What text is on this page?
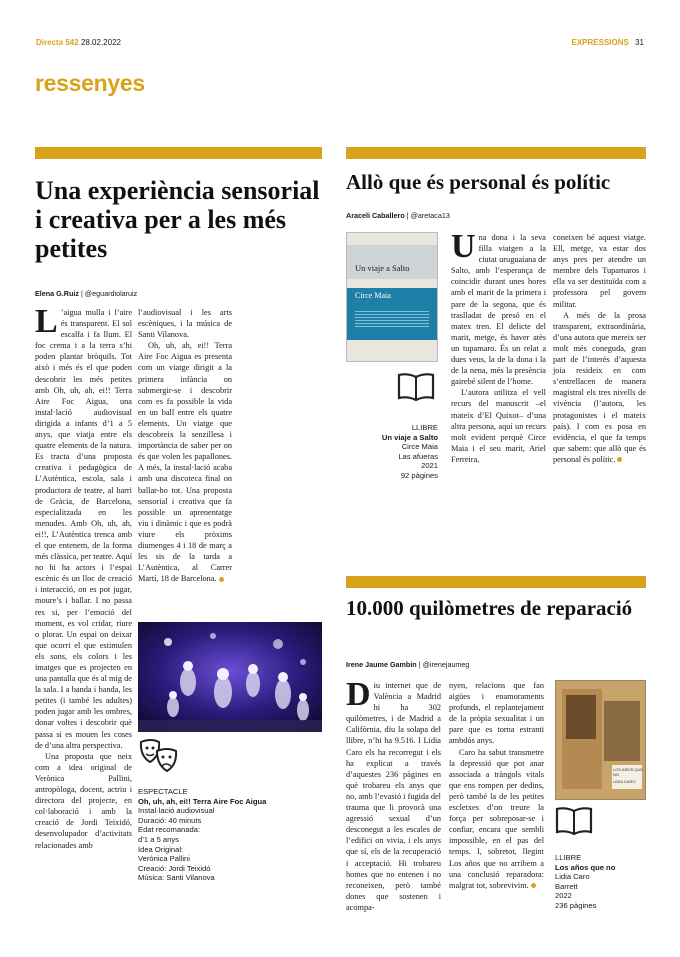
Directa 542 28.02.2022	EXPRESSIONS 31
ressenyes
Una experiència sensorial i creativa per a les més petites
Elena G.Ruiz | @eguardiolaruiz
L ’aigua mulla i l’aire és transparent. El sol escalfa i fa llum. El foc crema i a la terra s’hi poden plantar bròquils. Tot això i més és el que poden descobrir les més petites amb Oh, uh, ah, ei!! Terra Aire Foc Aigua, una instal·lació audiovisual dirigida a infants d’1 a 5 anys, que viatja entre els quatre elements de la natura. Es tracta d’una proposta creativa i pedagògica de L’Autèntica, escola, sala i productora de teatre, al barri de Gràcia, de Barcelona, especialitzada en les menudes. Amb Oh, uh, ah, ei!!, L’Autèntica trenca amb el que entenem, de la forma més clàssica, per teatre. Aquí no hi ha actors i l’espai escènic és un lloc de creació i interacció, on es pot jugar, moure’s i ballar. I no passa res si, per l’emoció del moment, es vol cridar, riure o plorar. Un espai on deixar que ocorri el que estimulen els sons, els colors i les imatges que es projecten en una pantalla que és al mig de la sala. I a banda i banda, les petites (i també les adultes) poden jugar amb les ombres, donar voltes i descobrir què passa si es mouen les coses de d’una altra perspectiva.

Una proposta que neix com a idea original de Verònica Pallini, antropòloga, docent, actriu i directora del projecte, en col·laboració i amb la creació de Jordi Teixidó, desenvolupador d’activitats relacionades amb

l’audiovisual i les arts escèniques, i la música de Santi Vilanova.

Oh, uh, ah, ei!! Terra Aire Foc Aigua es presenta com un viatge dirigit a la primera infància on submergir-se i descobrir com es fa possible la vida en un ball entre els quatre elements. Un viatge que descobreix la senzillesa i importància de saber per on és que volen les papallones. A més, la instal·lació acaba amb una discoteca final on ballar-ho tot. Una proposta sensorial i creativa que fa possible un aprenentatge viu i dinàmic i que es podrà viure els pròxims diumenges 4 i 18 de març a les sis de la tarda a L’Autèntica, al Carrer Martí, 18 de Barcelona.

ESPECTACLE
Oh, uh, ah, ei!! Terra Aire Foc Aigua
Instal·lació audiovisual
Duració: 40 minuts
Edat recomanada:
d’1 a 5 anys
Idea Original:
Verònica Pallini
Creació: Jordi Teixidó
Música: Santi Vilanova
Allò que és personal és polític
Araceli Caballero | @aretaca13
Un viaje a Salto
Circe Maia
LLIBRE
Un viaje a Salto
Circe Maia
Las afueras
2021
92 pàgines
U na dona i la seva filla viatgen a la ciutat uruguaiana de Salto, amb l’esperança de coincidir durant unes hores amb el marit de la primera i pare de la segona, que és traslladat de presó en el matex tren. El delicte del marit, metge, és haver atès un tupamaro. És un relat a dues veus, la de la dona i la de la nena, més la presència gairebé silent de l’home.

L’autora utilitza el vell recurs del manuscrit –el mateix d’El Quixot– d’una altra persona, aquí un recurs molt evident perquè Circe Maia i el seu marit, Ariel Ferreira,

coneixen bé aquest viatge. Ell, metge, va estar dos anys pres per atendre un membre dels Tupamaros i ella va ser destituïda com a professora pel govern militar.

A més de la prosa transparent, extraordinària, d’una autora que mereix ser molt més coneguda, gran part de l’interès d’aquesta joia resideix en com s’entrellacen de manera magistral els tres nivells de vivència (l’autora, les protagonistes i el mateix país). I com es posa en evidència, el que fa temps que sabem: que allò que és personal és polític.

10.000 quilòmetres de reparació
Irene Jaume Gambin | @irenejaumeg
D iu internet que de València a Madrid hi ha 302 quilòmetres, i de Madrid a Califòrnia, diu la solapa del llibre, n’hi ha 9.516. I Lidia Caro els ha recorregut i els ha explicat a través d’aquestes 236 pàgines en què trobareu els anys que no, amb l’evasió i fugida del trauma que li provocà una agressió sexual d’un desconegut a les escales de l’edifici on vivia, i els anys que sí, els de la recuperació i acceptació. Hi trobareu homes que no entenen i no reconeixen, però també dones que sostenen i acompa-

nyen, relacions que fan aigües i enamoraments profunds, el replantejament de la pròpia sexualitat i un pare que es torna estranti ambdós anys.

Caro ha sabut transmetre la depressió que pot anar associada a tràngols vitals que ens rompen per dedins, però també la de les petites escletxes d’on treure la força per sobreposar-se i confiar, encara que sembli impossible, en el pas del temps. I, sobretot, llegint Los años que no arribem a una conclusió reparadora: malgrat tot, sobrevivim.

LOS AÑOS QUE NO
LIDIA CARO
LLIBRE
Los años que no
Lidia Caro
Barrett
2022
236 pàgines
